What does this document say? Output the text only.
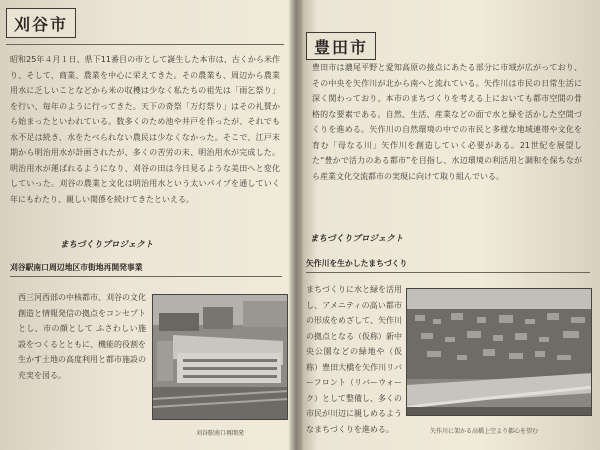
刈谷市
昭和25年４月１日、県下11番目の市として誕生した本市は、古くから米作り、そして、商業、農業を中心に栄えてきた。その農業も、周辺から農業用水に乏しいことなどから米の収穫は少なく私たちの祖先は「雨乞祭り」を行い、毎年のように行ってきた。天下の奇祭「万灯祭り」はその礼賛から始まったといわれている。数多くのため池や井戸を作ったが、それでも水不足は続き、水をたべられない農民は少なくなかった。そこで、江戸末期から明治用水が計画されたが、多くの苦労の末、明治用水が完成した。明治用水が運ばれるようになり、刈谷の田は今日見るような美田へと変化していった。刈谷の農業と文化は明治用水という太いパイプを通していく年にもわたり、親しい関係を続けてきたといえる。
まちづくりプロジェクト
刈谷駅南口周辺地区市街地再開発事業
西三河西部の中核都市、刈谷の文化創造と情報発信の拠点をコンセプトとし、市の顔として ふさわしい施設をつくるとともに、機能的役割を生かす土地の高度利用と都市施設の充実を図る。
刈谷駅南口再開発
豊田市
豊田市は濃尾平野と愛知高原の接点にあたる部分に市域が広がっており、その中央を矢作川が北から南へと流れている。矢作川は市民の日常生活に深く関わっており、本市のまちづくりを考える上においても都市空間の骨格的な要素である。自然、生活、産業などの面で水と緑を活かした空間づくりを進める。矢作川の自然環境の中での市民と多様な地域連帯や文化を育む「母なる川」矢作川を創造していく必要がある。21世紀を展望した“豊かで活力のある都市”を目指し、水辺環境の利活用と調和を保ちながら産業文化交流都市の実現に向けて取り組んでいる。
まちづくりプロジェクト
矢作川を生かしたまちづくり
まちづくりに水と緑を活用し、アメニティの高い都市の形成をめざして、矢作川の拠点となる（仮称）新中央公園などの緑地や（仮称）豊田大橋を矢作川リバーフロント（リバーウォーク）として整備し、多くの市民が川辺に親しめるようなまちづくりを進める。	矢作川に架かる高橋上空より都心を望む
